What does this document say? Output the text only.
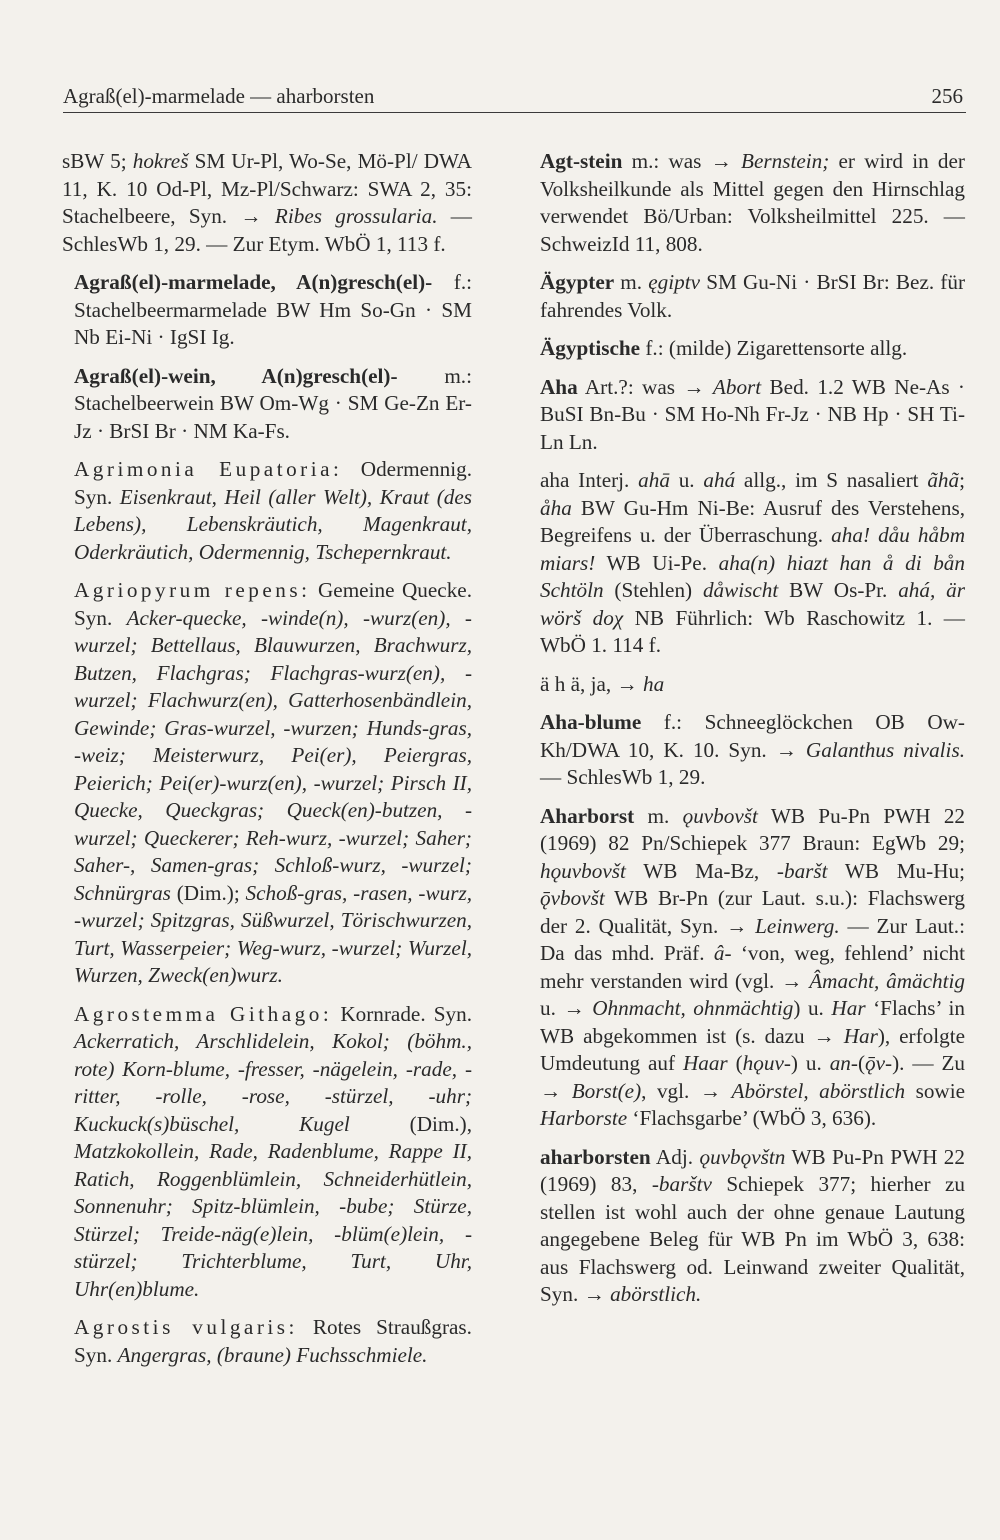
Agraß(el)-marmelade — aharborsten	256

sBW 5; hokreš SM Ur-Pl, Wo-Se, Mö-Pl/ DWA 11, K. 10 Od-Pl, Mz-Pl/Schwarz: SWA 2, 35: Stachelbeere, Syn. → Ribes grossularia. — SchlesWb 1, 29. — Zur Etym. WbÖ 1, 113 f.

Agraß(el)-marmelade, A(n)gresch(el)- f.: Stachelbeermarmelade BW Hm So-Gn · SM Nb Ei-Ni · IgSI Ig.

Agraß(el)-wein, A(n)gresch(el)- m.: Stachelbeerwein BW Om-Wg · SM Ge-Zn Er-Jz · BrSI Br · NM Ka-Fs.

Agrimonia Eupatoria: Odermennig. Syn. Eisenkraut, Heil (aller Welt), Kraut (des Lebens), Lebenskräutich, Magenkraut, Oderkräutich, Odermennig, Tschepernkraut.

Agriopyrum repens: Gemeine Quecke. Syn. Acker-quecke, -winde(n), -wurz(en), -wurzel; Bettellaus, Blauwurzen, Brachwurz, Butzen, Flachgras; Flachgras-wurz(en), -wurzel; Flachwurz(en), Gatterhosenbändlein, Gewinde; Gras-wurzel, -wurzen; Hunds-gras, -weiz; Meisterwurz, Pei(er), Peiergras, Peierich; Pei(er)-wurz(en), -wurzel; Pirsch II, Quecke, Queckgras; Queck(en)-butzen, -wurzel; Queckerer; Reh-wurz, -wurzel; Saher; Saher-, Samen-gras; Schloß-wurz, -wurzel; Schnürgras (Dim.); Schoß-gras, -rasen, -wurz, -wurzel; Spitzgras, Süßwurzel, Törischwurzen, Turt, Wasserpeier; Weg-wurz, -wurzel; Wurzel, Wurzen, Zweck(en)wurz.

Agrostemma Githago: Kornrade. Syn. Ackerratich, Arschlidelein, Kokol; (böhm., rote) Korn-blume, -fresser, -nägelein, -rade, -ritter, -rolle, -rose, -stürzel, -uhr; Kuckuck(s)büschel, Kugel (Dim.), Matzkokollein, Rade, Radenblume, Rappe II, Ratich, Roggenblümlein, Schneiderhütlein, Sonnenuhr; Spitz-blümlein, -bube; Stürze, Stürzel; Treide-näg(e)lein, -blüm(e)lein, -stürzel; Trichterblume, Turt, Uhr, Uhr(en)blume.

Agrostis vulgaris: Rotes Straußgras. Syn. Angergras, (braune) Fuchsschmiele.

Agt-stein m.: was → Bernstein; er wird in der Volksheilkunde als Mittel gegen den Hirnschlag verwendet Bö/Urban: Volksheilmittel 225. — SchweizId 11, 808.

Ägypter m. ęgiptv SM Gu-Ni · BrSI Br: Bez. für fahrendes Volk.

Ägyptische f.: (milde) Zigarettensorte allg.

Aha Art.?: was → Abort Bed. 1.2 WB Ne-As · BuSI Bn-Bu · SM Ho-Nh Fr-Jz · NB Hp · SH Ti-Ln Ln.

aha Interj. ahā u. ahá allg., im S nasaliert ãhã; åha BW Gu-Hm Ni-Be: Ausruf des Verstehens, Begreifens u. der Überraschung. aha! dåu håbm miars! WB Ui-Pe. aha(n) hiazt han å di bån Schtöln (Stehlen) dåwischt BW Os-Pr. ahá, är wörš doχ NB Führlich: Wb Raschowitz 1. — WbÖ 1. 114 f.

ä h ä, ja, → ha

Aha-blume f.: Schneeglöckchen OB Ow-Kh/DWA 10, K. 10. Syn. → Galanthus nivalis. — SchlesWb 1, 29.

Aharborst m. ǫuvbovšt WB Pu-Pn PWH 22 (1969) 82 Pn/Schiepek 377 Braun: EgWb 29; hǫuvbovšt WB Ma-Bz, -baršt WB Mu-Hu; ǭvbovšt WB Br-Pn (zur Laut. s.u.): Flachswerg der 2. Qualität, Syn. → Leinwerg. — Zur Laut.: Da das mhd. Präf. â- ‘von, weg, fehlend’ nicht mehr verstanden wird (vgl. → Âmacht, âmächtig u. → Ohnmacht, ohnmächtig) u. Har ‘Flachs’ in WB abgekommen ist (s. dazu → Har), erfolgte Umdeutung auf Haar (hǫuv-) u. an-(ǭv-). — Zu → Borst(e), vgl. → Abörstel, abörstlich sowie Harborste ‘Flachsgarbe’ (WbÖ 3, 636).

aharborsten Adj. ǫuvbǫvštn WB Pu-Pn PWH 22 (1969) 83, -barštv Schiepek 377; hierher zu stellen ist wohl auch der ohne genaue Lautung angegebene Beleg für WB Pn im WbÖ 3, 638: aus Flachswerg od. Leinwand zweiter Qualität, Syn. → abörstlich.
